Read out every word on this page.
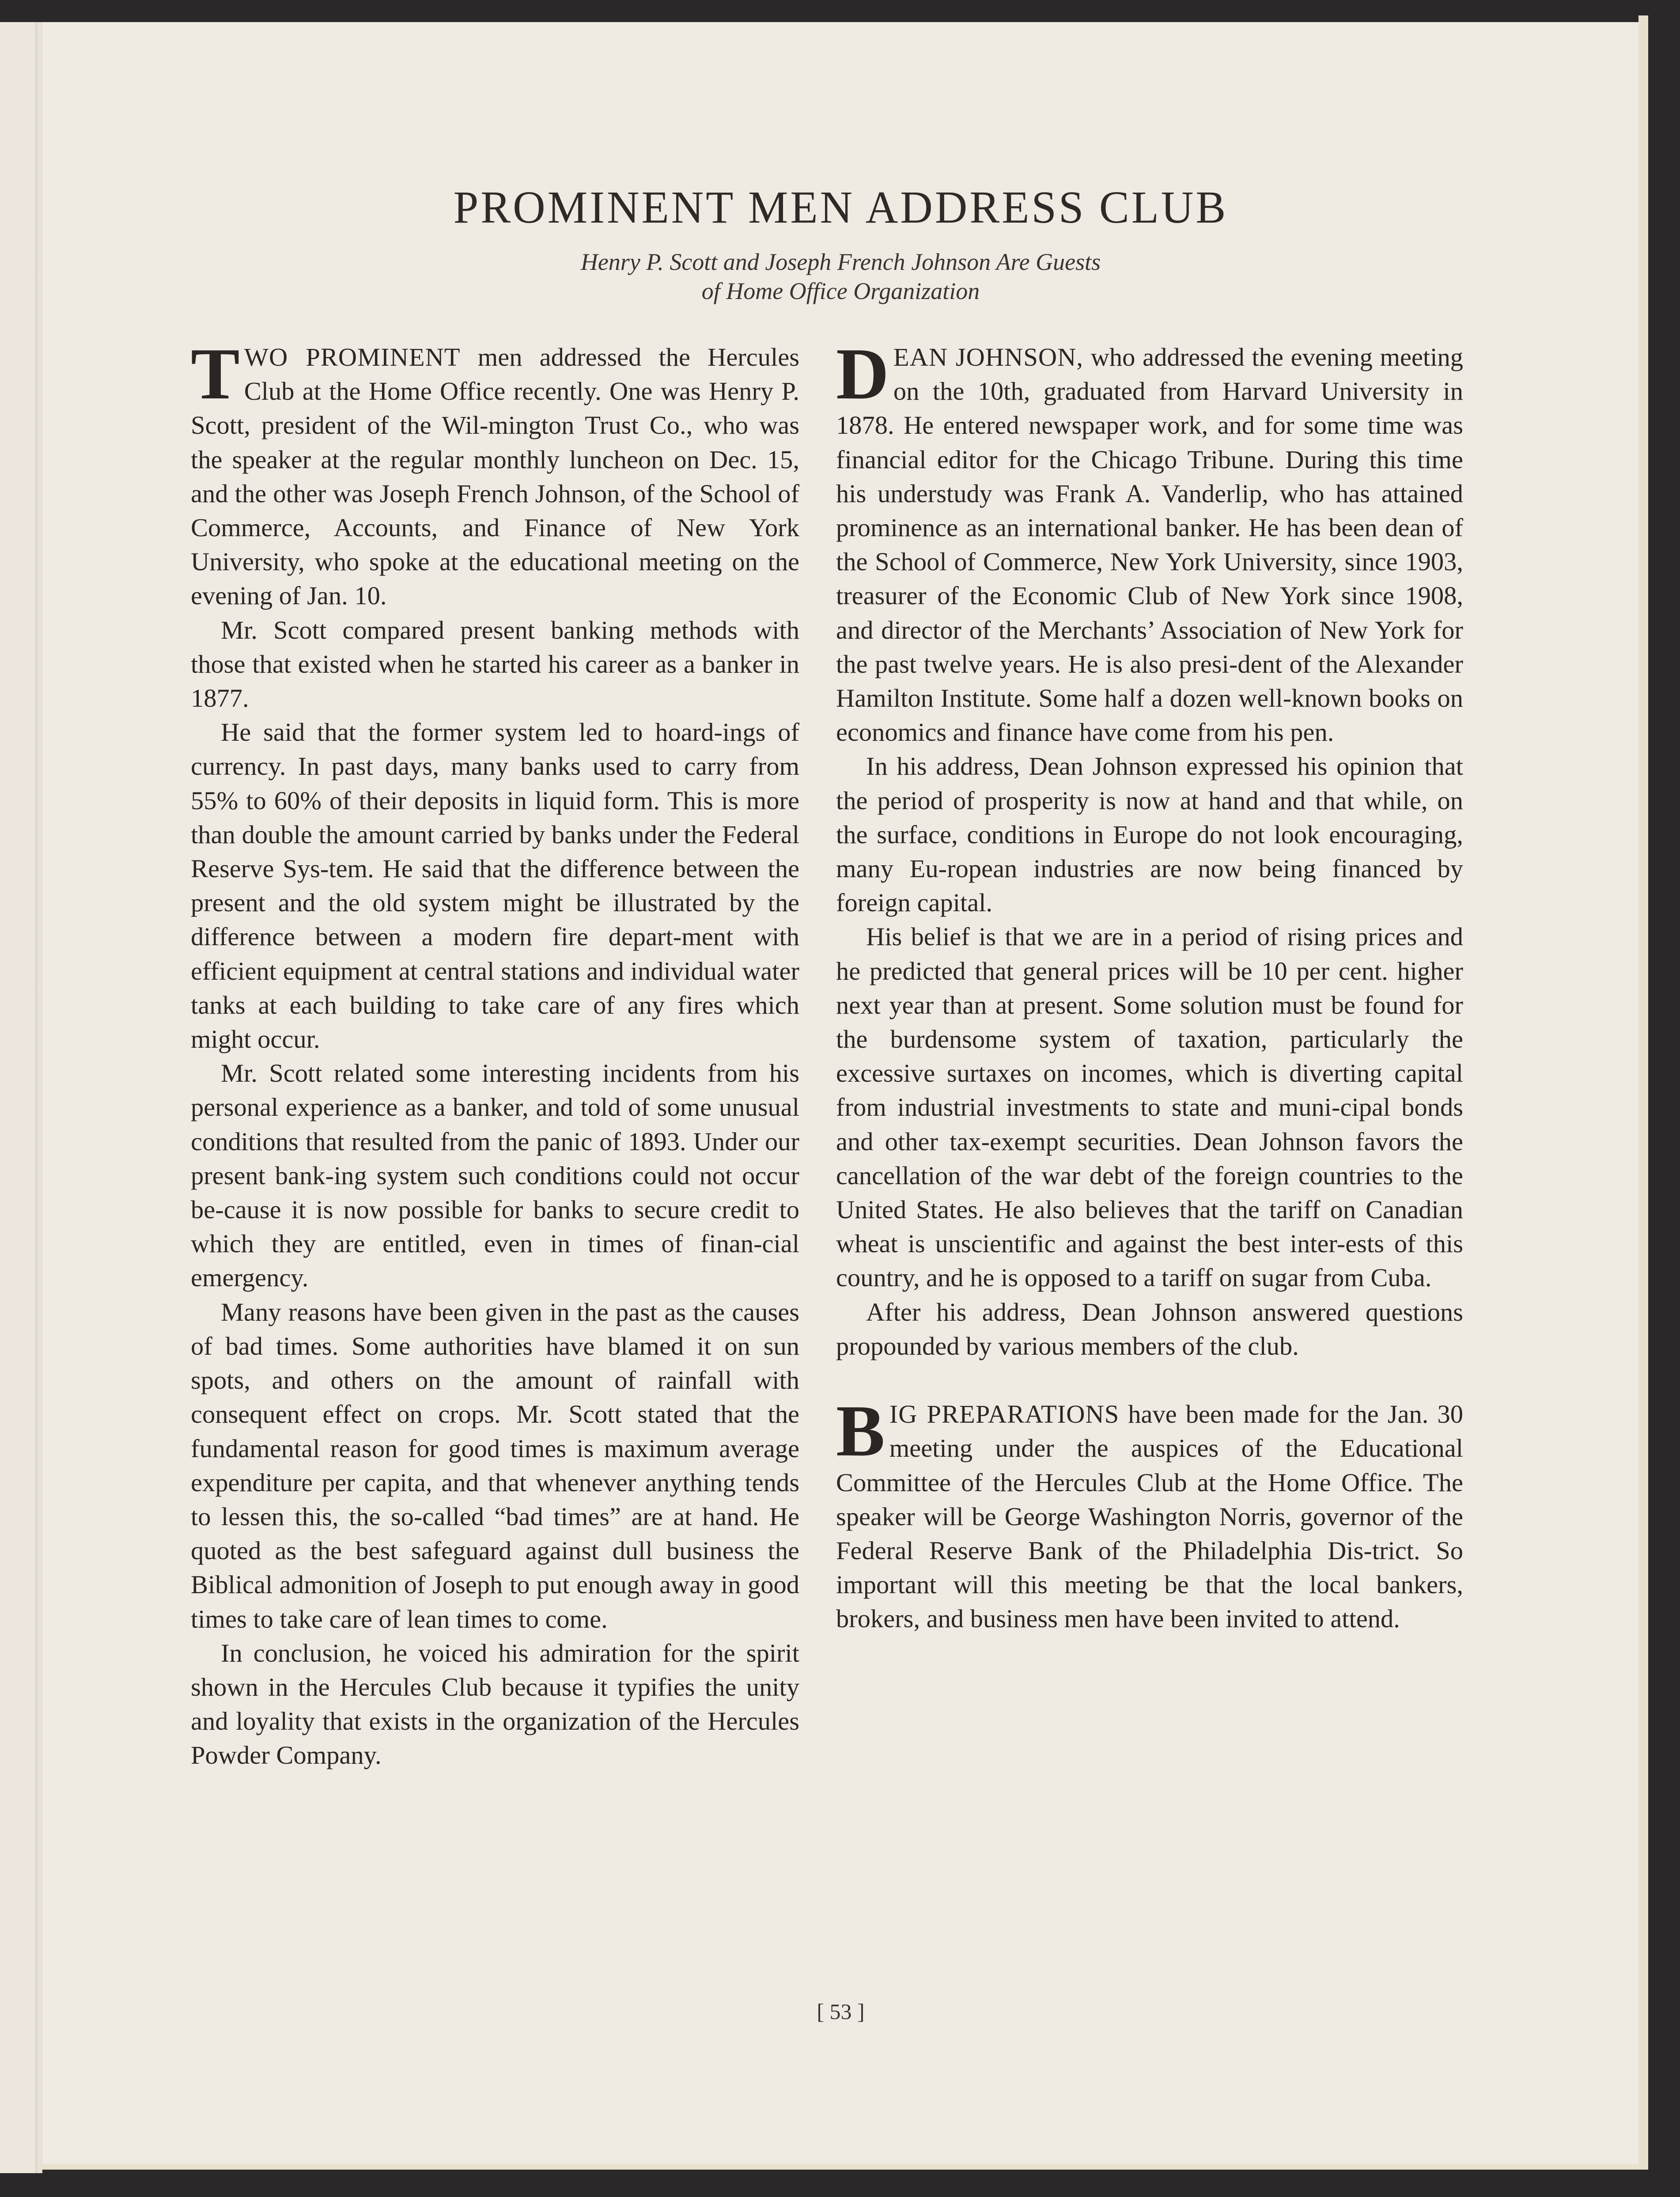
PROMINENT MEN ADDRESS CLUB
Henry P. Scott and Joseph French Johnson Are Guests
of Home Office Organization

TWO PROMINENT men addressed the Hercules Club at the Home Office recently. One was Henry P. Scott, president of the Wil-mington Trust Co., who was the speaker at the regular monthly luncheon on Dec. 15, and the other was Joseph French Johnson, of the School of Commerce, Accounts, and Finance of New York University, who spoke at the educational meeting on the evening of Jan. 10.

Mr. Scott compared present banking methods with those that existed when he started his career as a banker in 1877.

He said that the former system led to hoard-ings of currency. In past days, many banks used to carry from 55% to 60% of their deposits in liquid form. This is more than double the amount carried by banks under the Federal Reserve Sys-tem. He said that the difference between the present and the old system might be illustrated by the difference between a modern fire depart-ment with efficient equipment at central stations and individual water tanks at each building to take care of any fires which might occur.

Mr. Scott related some interesting incidents from his personal experience as a banker, and told of some unusual conditions that resulted from the panic of 1893. Under our present bank-ing system such conditions could not occur be-cause it is now possible for banks to secure credit to which they are entitled, even in times of finan-cial emergency.

Many reasons have been given in the past as the causes of bad times. Some authorities have blamed it on sun spots, and others on the amount of rainfall with consequent effect on crops. Mr. Scott stated that the fundamental reason for good times is maximum average expenditure per capita, and that whenever anything tends to lessen this, the so-called “bad times” are at hand. He quoted as the best safeguard against dull business the Biblical admonition of Joseph to put enough away in good times to take care of lean times to come.

In conclusion, he voiced his admiration for the spirit shown in the Hercules Club because it typifies the unity and loyality that exists in the organization of the Hercules Powder Company.

DEAN JOHNSON, who addressed the evening meeting on the 10th, graduated from Harvard University in 1878. He entered newspaper work, and for some time was financial editor for the Chicago Tribune. During this time his understudy was Frank A. Vanderlip, who has attained prominence as an international banker. He has been dean of the School of Commerce, New York University, since 1903, treasurer of the Economic Club of New York since 1908, and director of the Merchants’ Association of New York for the past twelve years. He is also presi-dent of the Alexander Hamilton Institute. Some half a dozen well-known books on economics and finance have come from his pen.

In his address, Dean Johnson expressed his opinion that the period of prosperity is now at hand and that while, on the surface, conditions in Europe do not look encouraging, many Eu-ropean industries are now being financed by foreign capital.

His belief is that we are in a period of rising prices and he predicted that general prices will be 10 per cent. higher next year than at present. Some solution must be found for the burdensome system of taxation, particularly the excessive surtaxes on incomes, which is diverting capital from industrial investments to state and muni-cipal bonds and other tax-exempt securities. Dean Johnson favors the cancellation of the war debt of the foreign countries to the United States. He also believes that the tariff on Canadian wheat is unscientific and against the best inter-ests of this country, and he is opposed to a tariff on sugar from Cuba.

After his address, Dean Johnson answered questions propounded by various members of the club.

BIG PREPARATIONS have been made for the Jan. 30 meeting under the auspices of the Educational Committee of the Hercules Club at the Home Office. The speaker will be George Washington Norris, governor of the Federal Reserve Bank of the Philadelphia Dis-trict. So important will this meeting be that the local bankers, brokers, and business men have been invited to attend.

[ 53 ]
